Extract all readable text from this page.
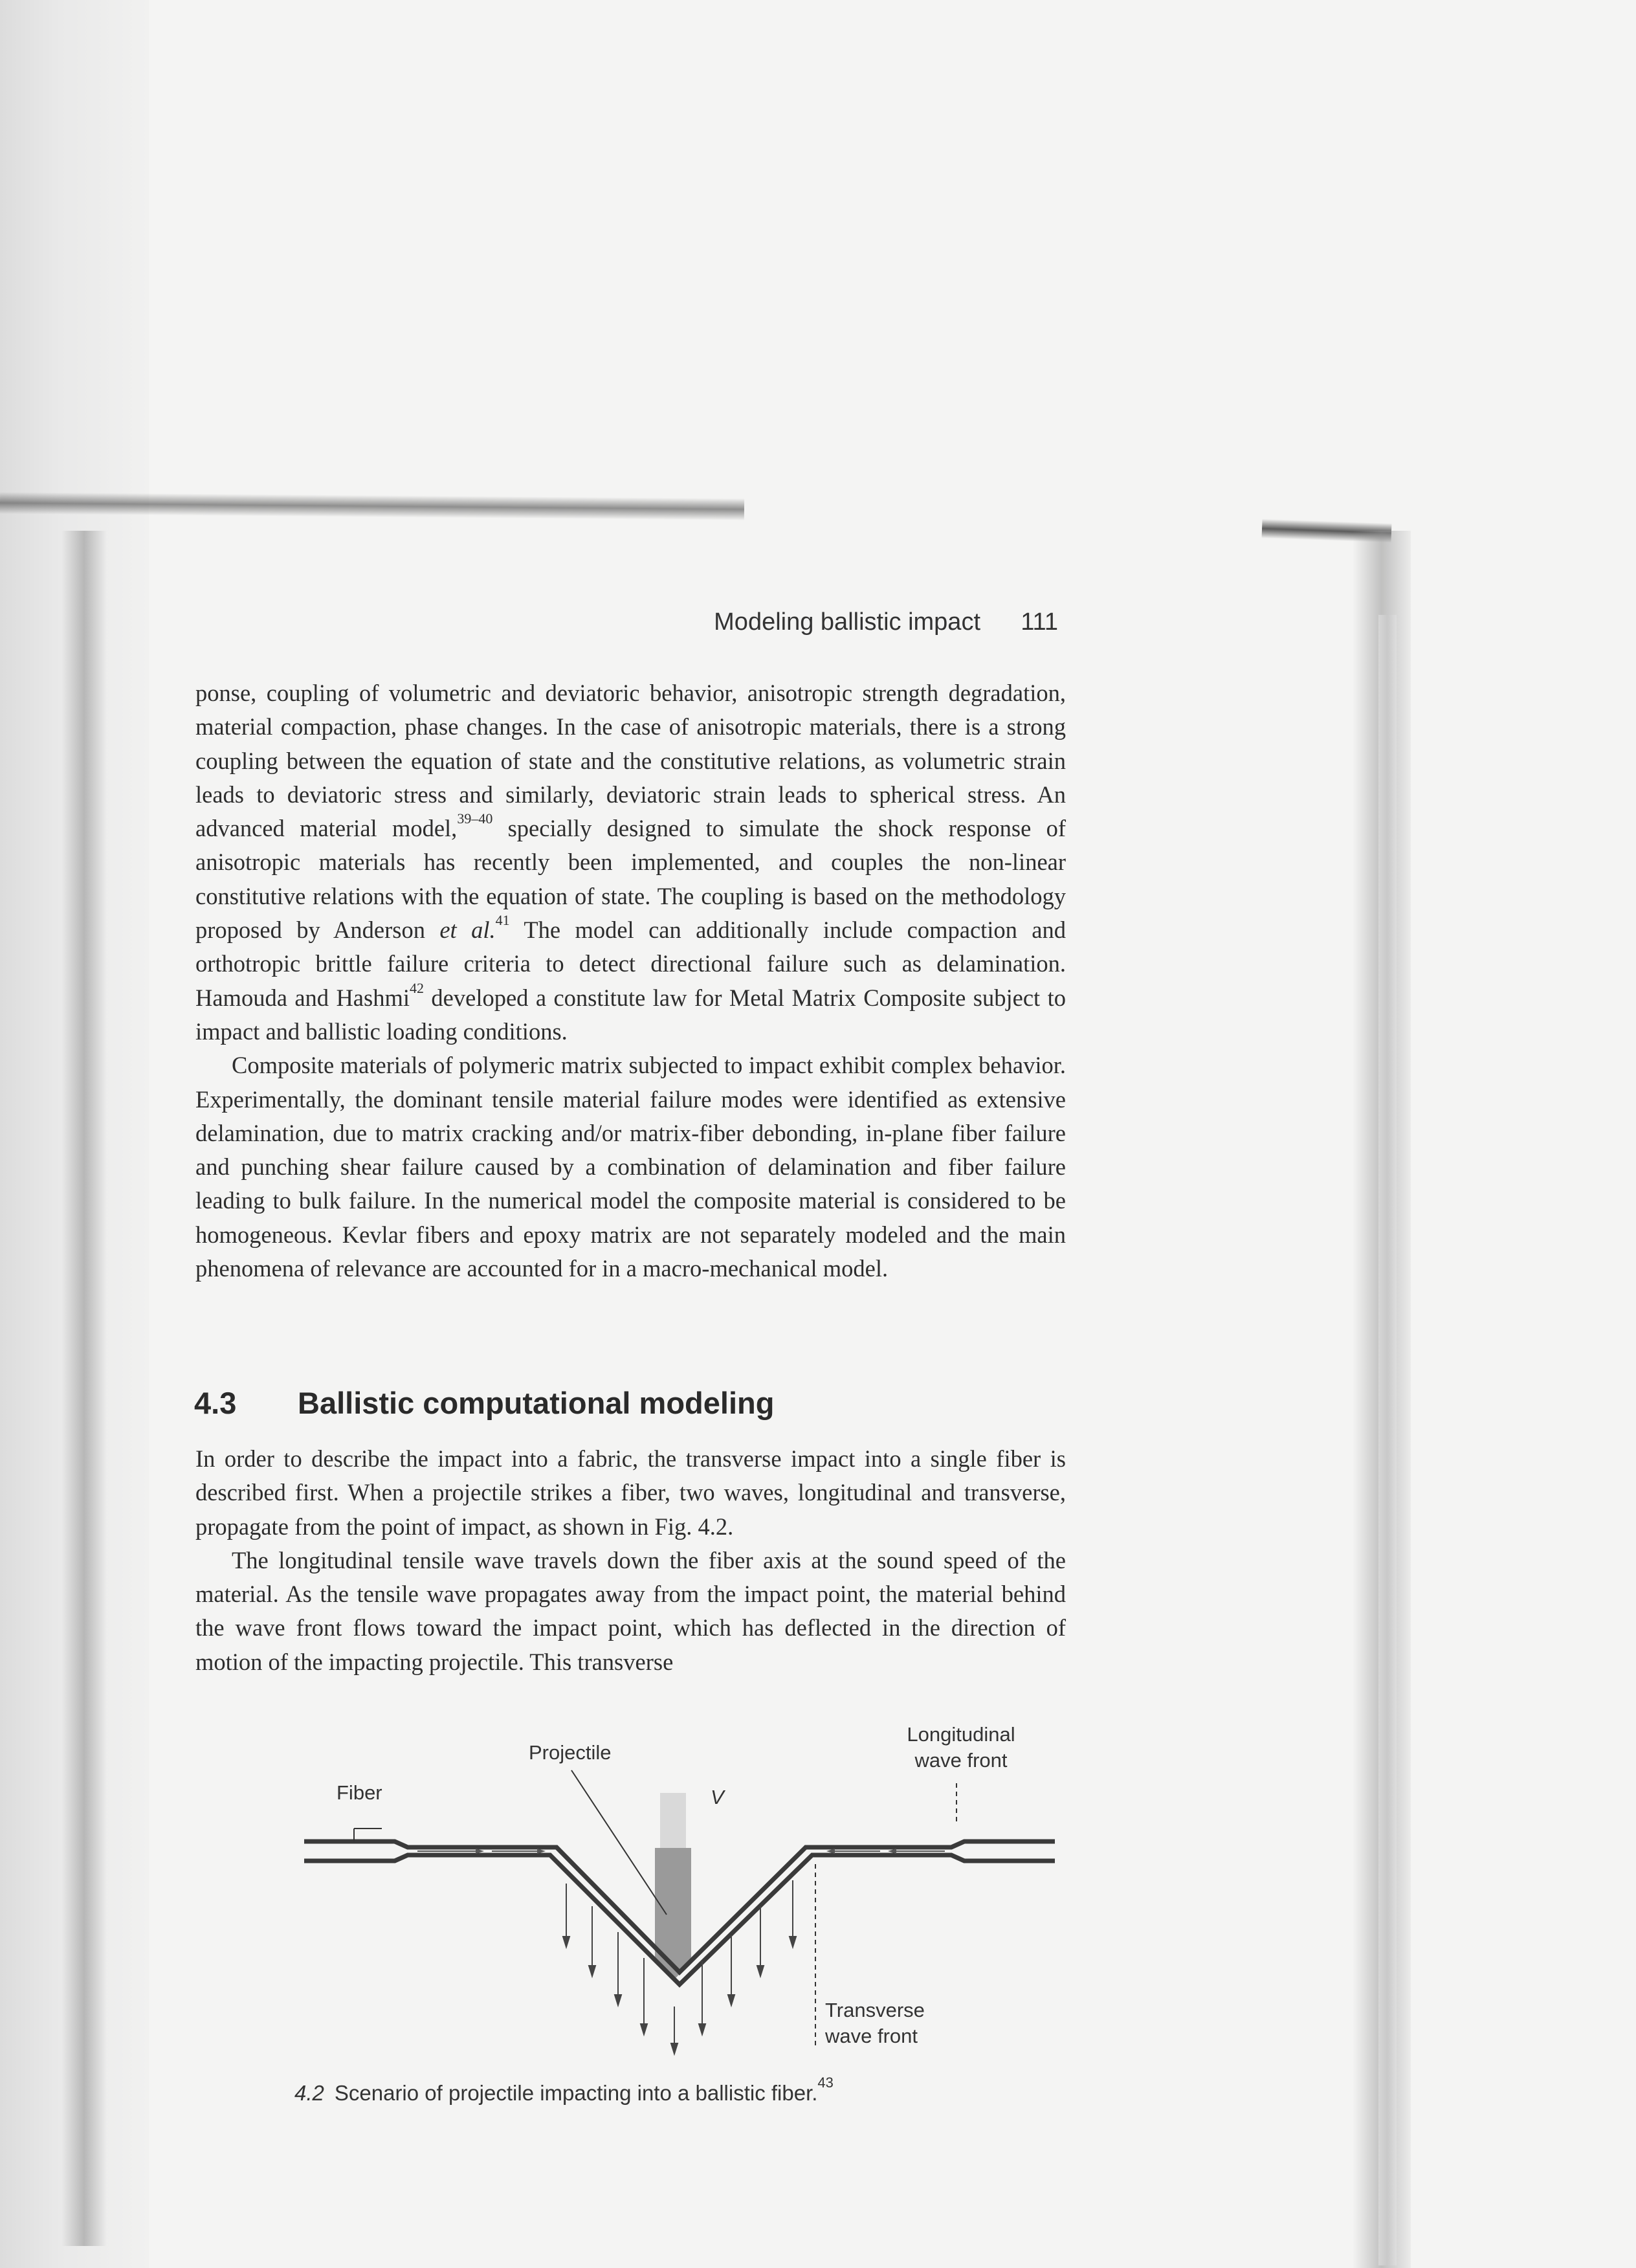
Modeling ballistic impact 111

ponse, coupling of volumetric and deviatoric behavior, anisotropic strength degradation, material compaction, phase changes. In the case of anisotropic materials, there is a strong coupling between the equation of state and the constitutive relations, as volumetric strain leads to deviatoric stress and similarly, deviatoric strain leads to spherical stress. An advanced material model,$^{39-40}$ specially designed to simulate the shock response of anisotropic materials has recently been implemented, and couples the non-linear constitutive relations with the equation of state. The coupling is based on the methodology proposed by Anderson et al.$^{41}$ The model can additionally include compaction and orthotropic brittle failure criteria to detect directional failure such as delamination. Hamouda and Hashmi$^{42}$ developed a constitute law for Metal Matrix Composite subject to impact and ballistic loading conditions.

Composite materials of polymeric matrix subjected to impact exhibit complex behavior. Experimentally, the dominant tensile material failure modes were identified as extensive delamination, due to matrix cracking and/or matrix-fiber debonding, in-plane fiber failure and punching shear failure caused by a combination of delamination and fiber failure leading to bulk failure. In the numerical model the composite material is considered to be homogeneous. Kevlar fibers and epoxy matrix are not separately modeled and the main phenomena of relevance are accounted for in a macro-mechanical model.

4.3 Ballistic computational modeling

In order to describe the impact into a fabric, the transverse impact into a single fiber is described first. When a projectile strikes a fiber, two waves, longitudinal and transverse, propagate from the point of impact, as shown in Fig. 4.2.

The longitudinal tensile wave travels down the fiber axis at the sound speed of the material. As the tensile wave propagates away from the impact point, the material behind the wave front flows toward the impact point, which has deflected in the direction of motion of the impacting projectile. This transverse

Fiber
Projectile
V
Longitudinal
wave front
Transverse
wave front
4.2 Scenario of projectile impacting into a ballistic fiber.$^{43}$
